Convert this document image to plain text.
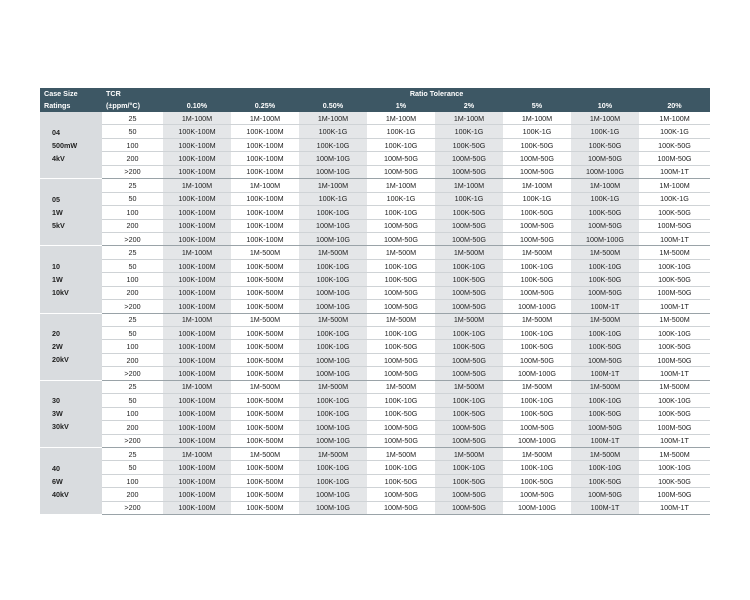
Case Size	TCR	Ratio Tolerance							
Ratings	(±ppm/°C)	0.10%	0.25%	0.50%	1%	2%	5%	10%	20%

04
500mW
4kV	25	1M-100M	1M-100M	1M-100M	1M-100M	1M-100M	1M-100M	1M-100M	1M-100M
	50	100K-100M	100K-100M	100K-1G	100K-1G	100K-1G	100K-1G	100K-1G	100K-1G
	100	100K-100M	100K-100M	100K-10G	100K-10G	100K-50G	100K-50G	100K-50G	100K-50G
	200	100K-100M	100K-100M	100M-10G	100M-50G	100M-50G	100M-50G	100M-50G	100M-50G
	>200	100K-100M	100K-100M	100M-10G	100M-50G	100M-50G	100M-50G	100M-100G	100M-1T

05
1W
5kV	25	1M-100M	1M-100M	1M-100M	1M-100M	1M-100M	1M-100M	1M-100M	1M-100M
	50	100K-100M	100K-100M	100K-1G	100K-1G	100K-1G	100K-1G	100K-1G	100K-1G
	100	100K-100M	100K-100M	100K-10G	100K-10G	100K-50G	100K-50G	100K-50G	100K-50G
	200	100K-100M	100K-100M	100M-10G	100M-50G	100M-50G	100M-50G	100M-50G	100M-50G
	>200	100K-100M	100K-100M	100M-10G	100M-50G	100M-50G	100M-50G	100M-100G	100M-1T

10
1W
10kV	25	1M-100M	1M-500M	1M-500M	1M-500M	1M-500M	1M-500M	1M-500M	1M-500M
	50	100K-100M	100K-500M	100K-10G	100K-10G	100K-10G	100K-10G	100K-10G	100K-10G
	100	100K-100M	100K-500M	100K-10G	100K-50G	100K-50G	100K-50G	100K-50G	100K-50G
	200	100K-100M	100K-500M	100M-10G	100M-50G	100M-50G	100M-50G	100M-50G	100M-50G
	>200	100K-100M	100K-500M	100M-10G	100M-50G	100M-50G	100M-100G	100M-1T	100M-1T

20
2W
20kV	25	1M-100M	1M-500M	1M-500M	1M-500M	1M-500M	1M-500M	1M-500M	1M-500M
	50	100K-100M	100K-500M	100K-10G	100K-10G	100K-10G	100K-10G	100K-10G	100K-10G
	100	100K-100M	100K-500M	100K-10G	100K-50G	100K-50G	100K-50G	100K-50G	100K-50G
	200	100K-100M	100K-500M	100M-10G	100M-50G	100M-50G	100M-50G	100M-50G	100M-50G
	>200	100K-100M	100K-500M	100M-10G	100M-50G	100M-50G	100M-100G	100M-1T	100M-1T

30
3W
30kV	25	1M-100M	1M-500M	1M-500M	1M-500M	1M-500M	1M-500M	1M-500M	1M-500M
	50	100K-100M	100K-500M	100K-10G	100K-10G	100K-10G	100K-10G	100K-10G	100K-10G
	100	100K-100M	100K-500M	100K-10G	100K-50G	100K-50G	100K-50G	100K-50G	100K-50G
	200	100K-100M	100K-500M	100M-10G	100M-50G	100M-50G	100M-50G	100M-50G	100M-50G
	>200	100K-100M	100K-500M	100M-10G	100M-50G	100M-50G	100M-100G	100M-1T	100M-1T

40
6W
40kV	25	1M-100M	1M-500M	1M-500M	1M-500M	1M-500M	1M-500M	1M-500M	1M-500M
	50	100K-100M	100K-500M	100K-10G	100K-10G	100K-10G	100K-10G	100K-10G	100K-10G
	100	100K-100M	100K-500M	100K-10G	100K-50G	100K-50G	100K-50G	100K-50G	100K-50G
	200	100K-100M	100K-500M	100M-10G	100M-50G	100M-50G	100M-50G	100M-50G	100M-50G
	>200	100K-100M	100K-500M	100M-10G	100M-50G	100M-50G	100M-100G	100M-1T	100M-1T
